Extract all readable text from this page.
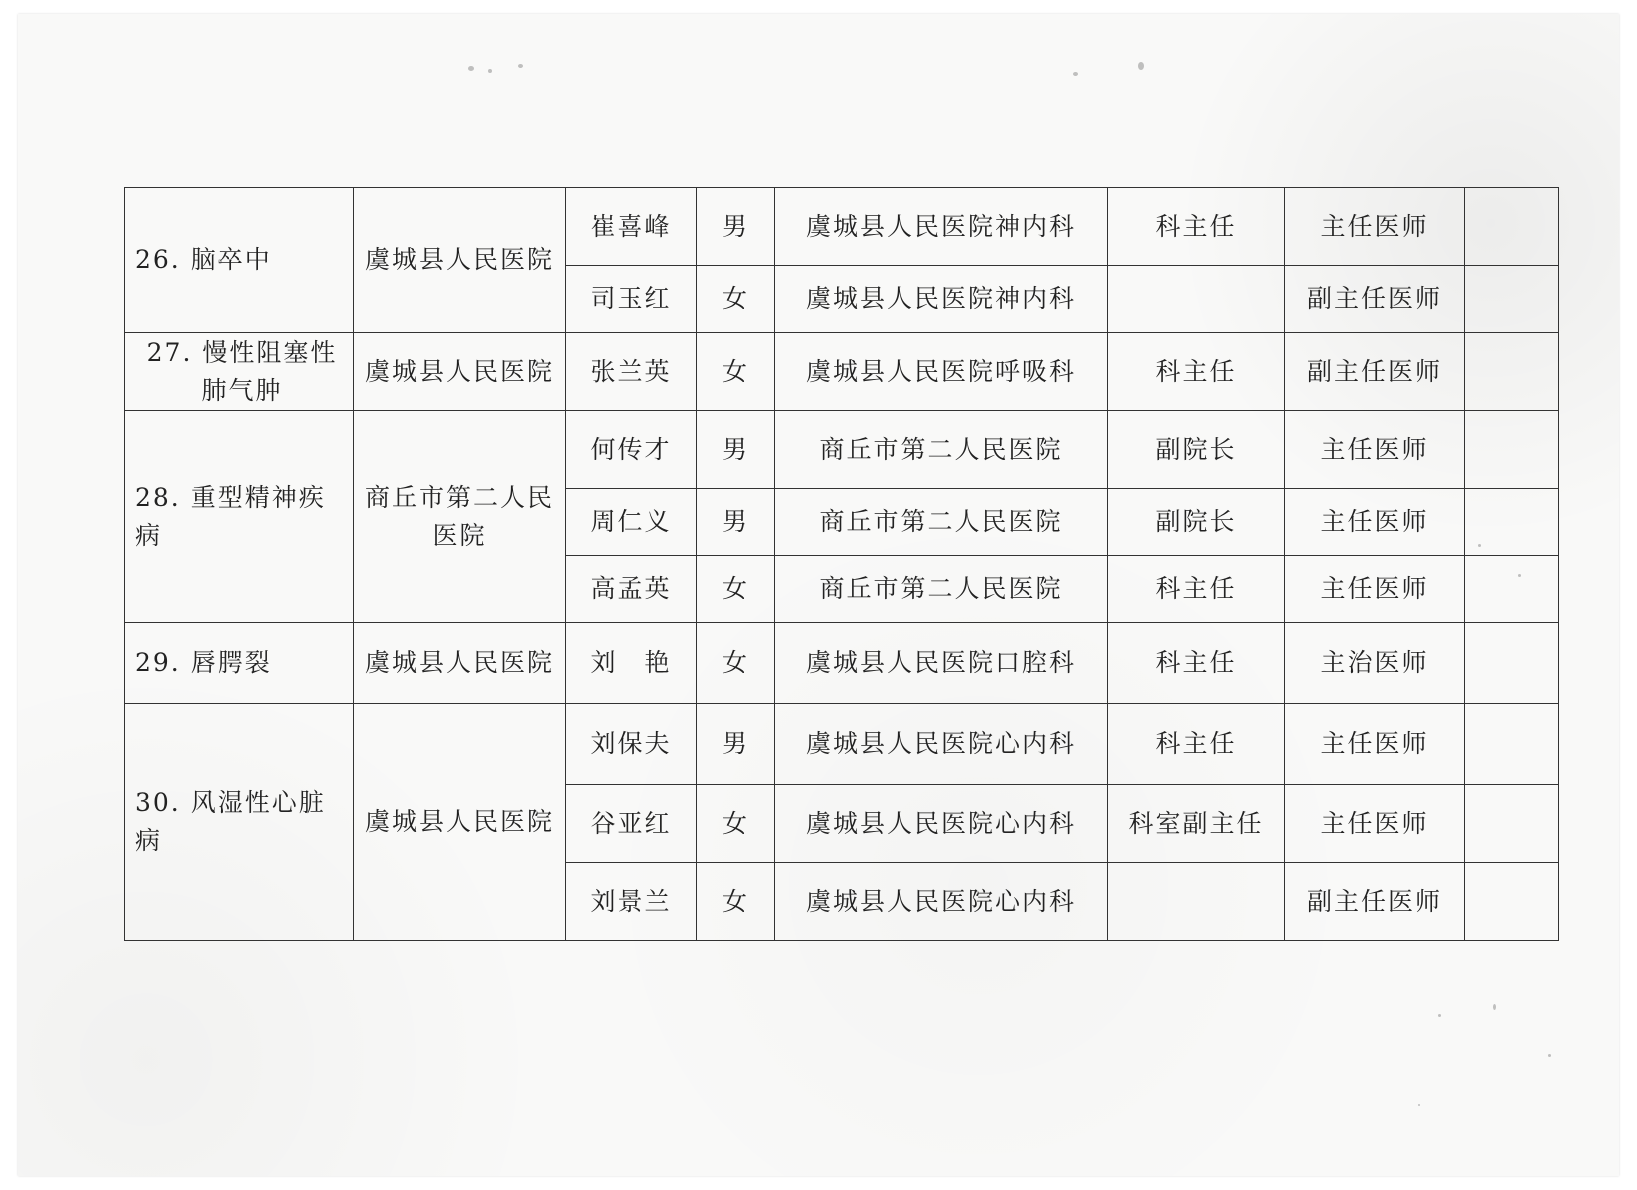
26. 脑卒中	虞城县人民医院	崔喜峰	男	虞城县人民医院神内科	科主任	主任医师	
		司玉红	女	虞城县人民医院神内科		副主任医师	
27. 慢性阻塞性肺气肿	虞城县人民医院	张兰英	女	虞城县人民医院呼吸科	科主任	副主任医师	
28. 重型精神疾病	商丘市第二人民医院	何传才	男	商丘市第二人民医院	副院长	主任医师	
		周仁义	男	商丘市第二人民医院	副院长	主任医师	
		高孟英	女	商丘市第二人民医院	科主任	主任医师	
29. 唇腭裂	虞城县人民医院	刘　艳	女	虞城县人民医院口腔科	科主任	主治医师	
30. 风湿性心脏病	虞城县人民医院	刘保夫	男	虞城县人民医院心内科	科主任	主任医师	
		谷亚红	女	虞城县人民医院心内科	科室副主任	主任医师	
		刘景兰	女	虞城县人民医院心内科		副主任医师	
